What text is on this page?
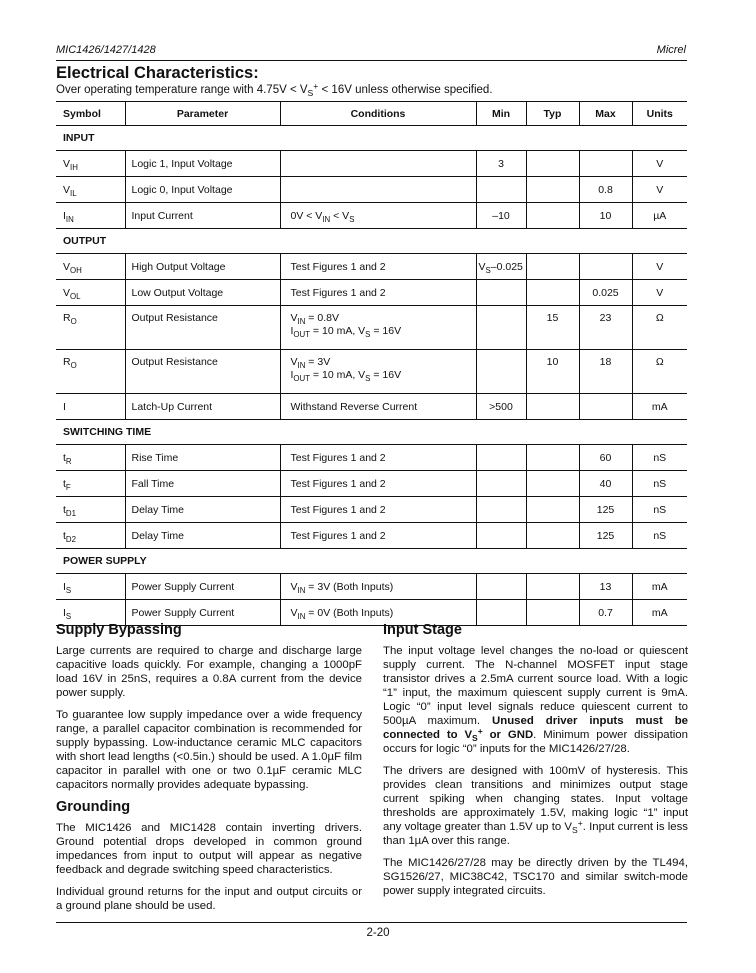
MIC1426/1427/1428	Micrel
Electrical Characteristics:
Over operating temperature range with $4.75V < V_S^+ < 16V$ unless otherwise specified.
Symbol	Parameter	Conditions	Min	Typ	Max	Units
INPUT						
$V_{IH}$	Logic 1, Input Voltage		3			V
$V_{IL}$	Logic 0, Input Voltage				0.8	V
$I_{IN}$	Input Current	$0V < V_{IN} < V_S$	–10		10	µA
OUTPUT						
$V_{OH}$	High Output Voltage	Test Figures 1 and 2	$V_S-0.025$			V
$V_{OL}$	Low Output Voltage	Test Figures 1 and 2			0.025	V
$R_O$	Output Resistance	$V_{IN} = 0.8V$
$I_{OUT} = 10$ mA, $V_S = 16V$		15	23	Ω
$R_O$	Output Resistance	$V_{IN} = 3V$
$I_{OUT} = 10$ mA, $V_S = 16V$		10	18	Ω
I	Latch-Up Current	Withstand Reverse Current	>500			mA
SWITCHING TIME						
$t_R$	Rise Time	Test Figures 1 and 2			60	nS
$t_F$	Fall Time	Test Figures 1 and 2			40	nS
$t_{D1}$	Delay Time	Test Figures 1 and 2			125	nS
$t_{D2}$	Delay Time	Test Figures 1 and 2			125	nS
POWER SUPPLY						
$I_S$	Power Supply Current	$V_{IN} = 3V$ (Both Inputs)			13	mA
$I_S$	Power Supply Current	$V_{IN} = 0V$ (Both Inputs)			0.7	mA
Supply Bypassing

Large currents are required to charge and discharge large capacitive loads quickly. For example, changing a 1000pF load 16V in 25nS, requires a 0.8A current from the device power supply.

To guarantee low supply impedance over a wide frequency range, a parallel capacitor combination is recommended for supply bypassing. Low-inductance ceramic MLC capacitors with short lead lengths (<0.5in.) should be used. A 1.0µF film capacitor in parallel with one or two 0.1µF ceramic MLC capacitors normally provides adequate bypassing.

Grounding

The MIC1426 and MIC1428 contain inverting drivers. Ground potential drops developed in common ground impedances from input to output will appear as negative feedback and degrade switching speed characteristics.

Individual ground returns for the input and output circuits or a ground plane should be used.

Input Stage

The input voltage level changes the no-load or quiescent supply current. The N-channel MOSFET input stage transistor drives a 2.5mA current source load. With a logic “1” input, the maximum quiescent supply current is 9mA. Logic “0” input level signals reduce quiescent current to 500µA maximum. Unused driver inputs must be connected to $V_S^+$ or GND. Minimum power dissipation occurs for logic “0” inputs for the MIC1426/27/28.

The drivers are designed with 100mV of hysteresis. This provides clean transitions and minimizes output stage current spiking when changing states. Input voltage thresholds are approximately 1.5V, making logic “1” input any voltage greater than 1.5V up to $V_S^+$. Input current is less than 1µA over this range.

The MIC1426/27/28 may be directly driven by the TL494, SG1526/27, MIC38C42, TSC170 and similar switch-mode power supply integrated circuits.

2-20
